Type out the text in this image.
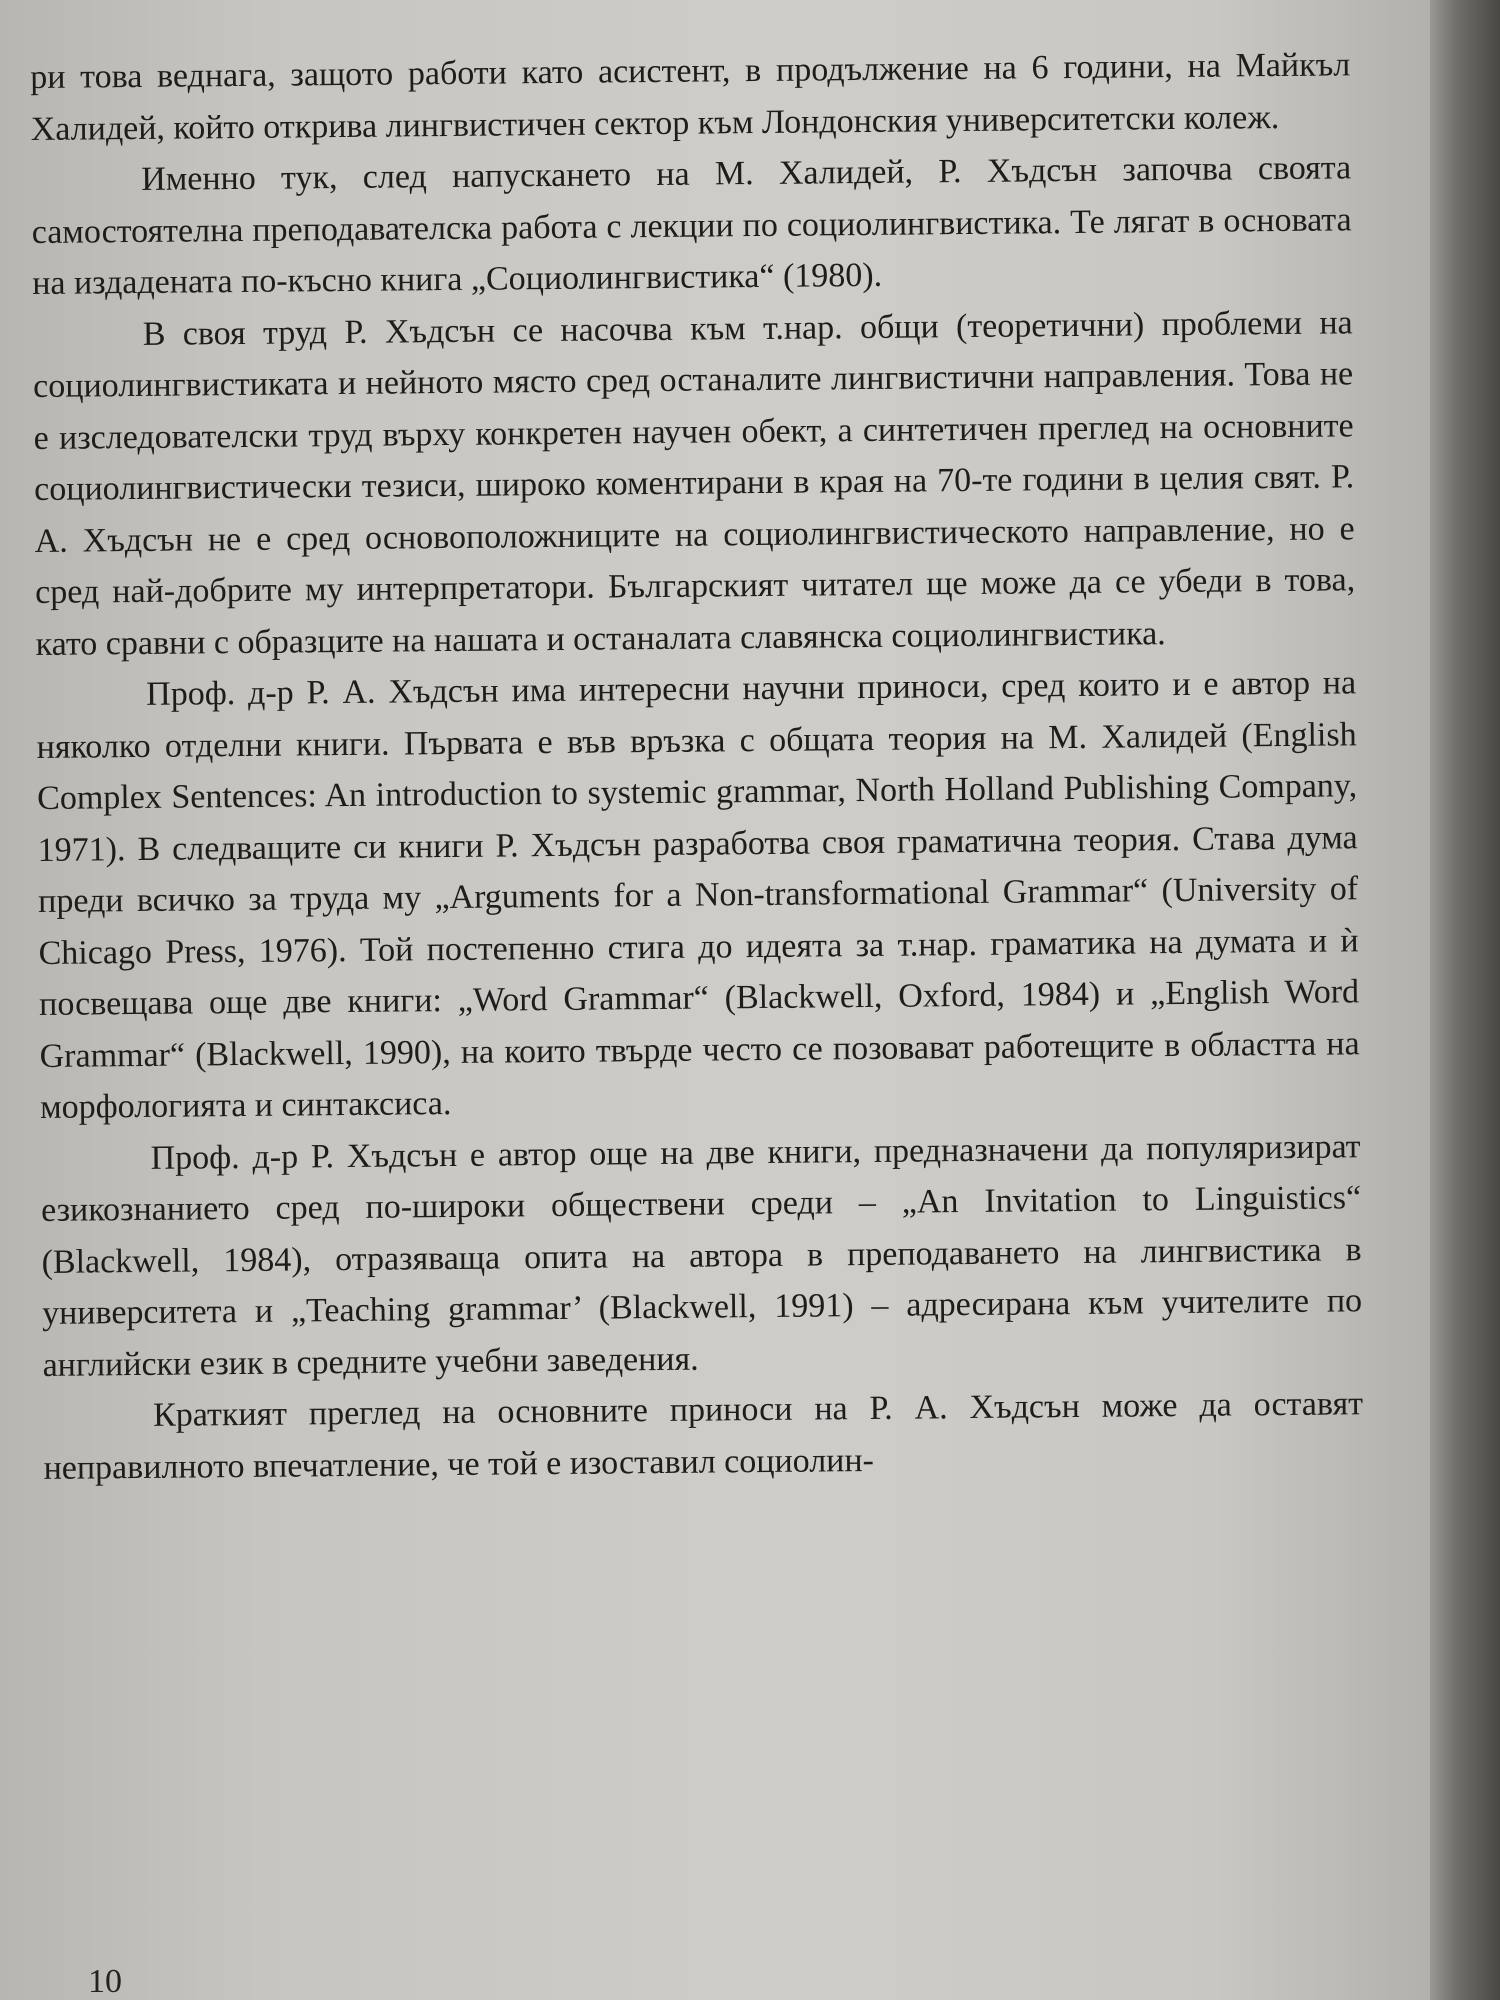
ри това веднага, защото работи като асистент, в продължение на 6 години, на Майкъл Халидей, който открива лингвистичен сектор към Лондонския университетски колеж.

Именно тук, след напускането на М. Халидей, Р. Хъдсън започва своята самостоятелна преподавателска работа с лекции по социолингвистика. Те лягат в основата на издадената по-късно книга „Социолингвистика“ (1980).

В своя труд Р. Хъдсън се насочва към т.нар. общи (теоретични) проблеми на социолингвистиката и нейното място сред останалите лингвистични направления. Това не е изследователски труд върху конкретен научен обект, а синтетичен преглед на основните социолингвистически тезиси, широко коментирани в края на 70-те години в целия свят. Р. А. Хъдсън не е сред основоположниците на социолингвистическото направление, но е сред най-добрите му интерпретатори. Българският читател ще може да се убеди в това, като сравни с образците на нашата и останалата славянска социолингвистика.

Проф. д-р Р. А. Хъдсън има интересни научни приноси, сред които и е автор на няколко отделни книги. Първата е във връзка с общата теория на М. Халидей (English Complex Sentences: An introduction to systemic grammar, North Holland Publishing Company, 1971). В следващите си книги Р. Хъдсън разработва своя граматична теория. Става дума преди всичко за труда му „Arguments for a Non-transformational Grammar“ (University of Chicago Press, 1976). Той постепенно стига до идеята за т.нар. граматика на думата и ѝ посвещава още две книги: „Word Grammar“ (Blackwell, Oxford, 1984) и „English Word Grammar“ (Blackwell, 1990), на които твърде често се позовават работещите в областта на морфологията и синтаксиса.

Проф. д-р Р. Хъдсън е автор още на две книги, предназначени да популяризират езикознанието сред по-широки обществени среди – „An Invitation to Linguistics“ (Blackwell, 1984), отразяваща опита на автора в преподаването на лингвистика в университета и „Teaching grammar’ (Blackwell, 1991) – адресирана към учителите по английски език в средните учебни заведения.

Краткият преглед на основните приноси на Р. А. Хъдсън може да оставят неправилното впечатление, че той е изоставил социолин-

10
